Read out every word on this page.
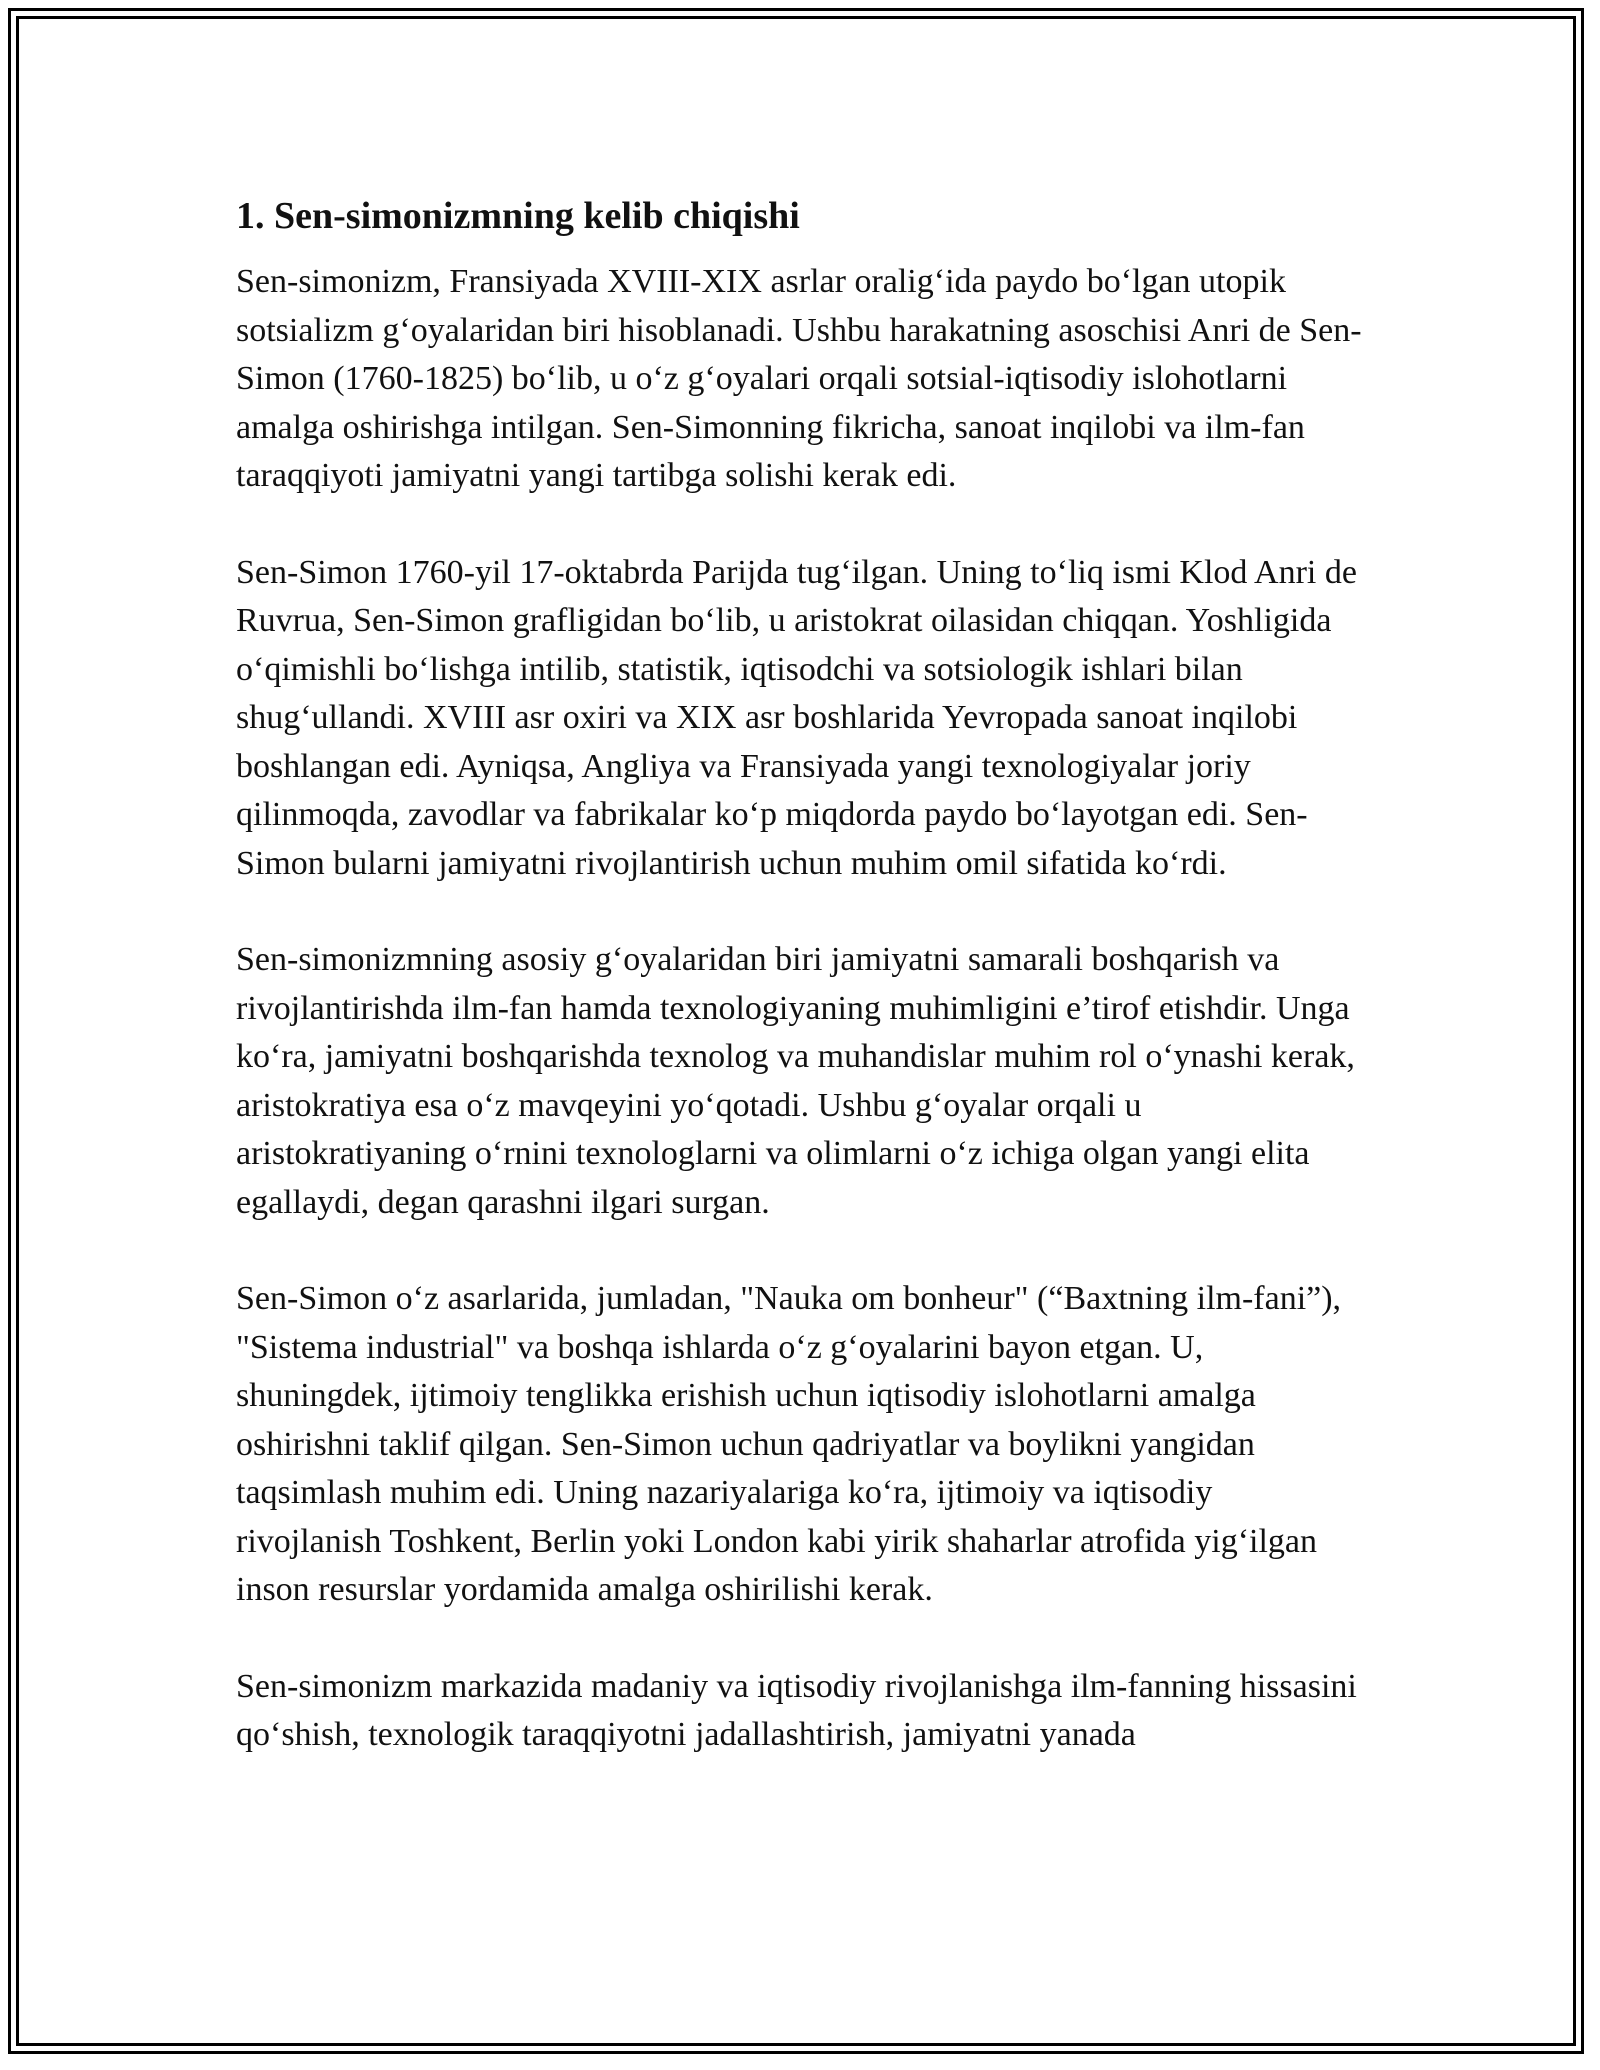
1. Sen-simonizmning kelib chiqishi

Sen-simonizm, Fransiyada XVIII-XIX asrlar oralig‘ida paydo bo‘lgan utopik sotsializm g‘oyalaridan biri hisoblanadi. Ushbu harakatning asoschisi Anri de Sen-Simon (1760-1825) bo‘lib, u o‘z g‘oyalari orqali sotsial-iqtisodiy islohotlarni amalga oshirishga intilgan. Sen-Simonning fikricha, sanoat inqilobi va ilm-fan taraqqiyoti jamiyatni yangi tartibga solishi kerak edi.

Sen-Simon 1760-yil 17-oktabrda Parijda tug‘ilgan. Uning to‘liq ismi Klod Anri de Ruvrua, Sen-Simon grafligidan bo‘lib, u aristokrat oilasidan chiqqan. Yoshligida o‘qimishli bo‘lishga intilib, statistik, iqtisodchi va sotsiologik ishlari bilan shug‘ullandi. XVIII asr oxiri va XIX asr boshlarida Yevropada sanoat inqilobi boshlangan edi. Ayniqsa, Angliya va Fransiyada yangi texnologiyalar joriy qilinmoqda, zavodlar va fabrikalar ko‘p miqdorda paydo bo‘layotgan edi. Sen-Simon bularni jamiyatni rivojlantirish uchun muhim omil sifatida ko‘rdi.

Sen-simonizmning asosiy g‘oyalaridan biri jamiyatni samarali boshqarish va rivojlantirishda ilm-fan hamda texnologiyaning muhimligini e’tirof etishdir. Unga ko‘ra, jamiyatni boshqarishda texnolog va muhandislar muhim rol o‘ynashi kerak, aristokratiya esa o‘z mavqeyini yo‘qotadi. Ushbu g‘oyalar orqali u aristokratiyaning o‘rnini texnologlarni va olimlarni o‘z ichiga olgan yangi elita egallaydi, degan qarashni ilgari surgan.

Sen-Simon o‘z asarlarida, jumladan, "Nauka om bonheur" (“Baxtning ilm-fani”), "Sistema industrial" va boshqa ishlarda o‘z g‘oyalarini bayon etgan. U, shuningdek, ijtimoiy tenglikka erishish uchun iqtisodiy islohotlarni amalga oshirishni taklif qilgan. Sen-Simon uchun qadriyatlar va boylikni yangidan taqsimlash muhim edi. Uning nazariyalariga ko‘ra, ijtimoiy va iqtisodiy rivojlanish Toshkent, Berlin yoki London kabi yirik shaharlar atrofida yig‘ilgan inson resurslar yordamida amalga oshirilishi kerak.

Sen-simonizm markazida madaniy va iqtisodiy rivojlanishga ilm-fanning hissasini qo‘shish, texnologik taraqqiyotni jadallashtirish, jamiyatni yanada
